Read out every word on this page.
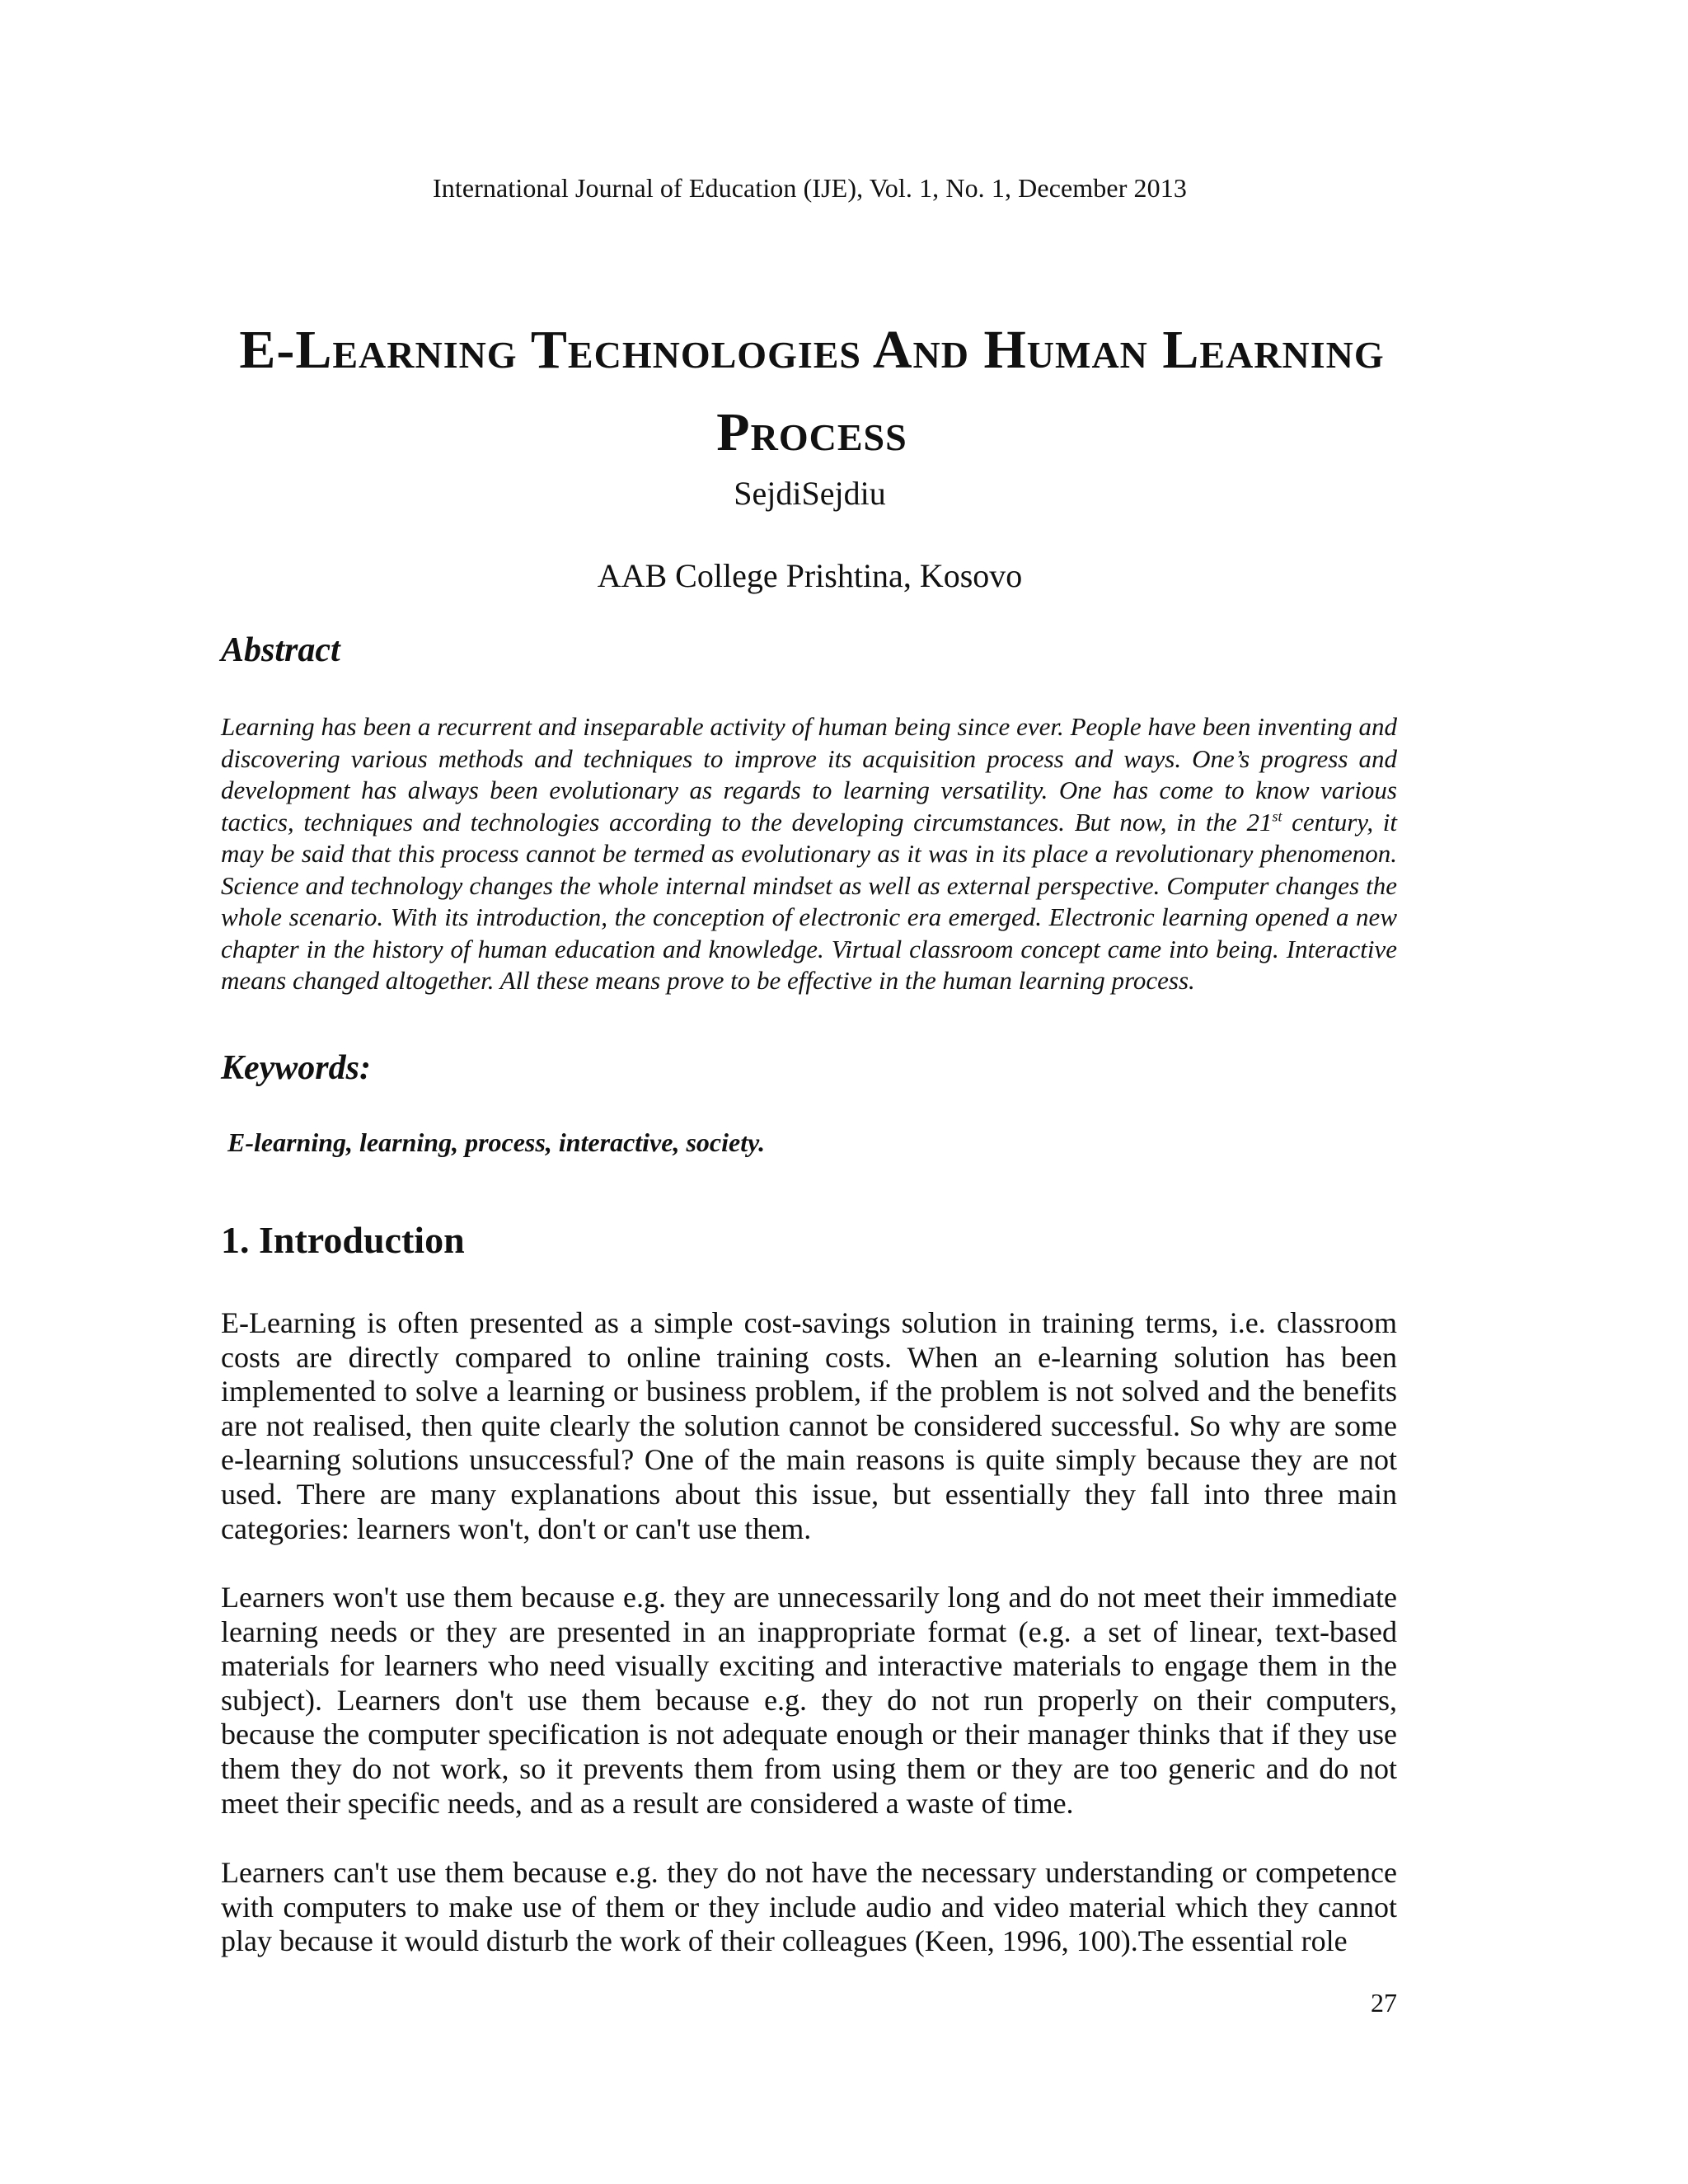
International Journal of Education (IJE), Vol. 1, No. 1, December 2013
E-Learning Technologies And Human Learning Process
SejdiSejdiu
AAB College Prishtina, Kosovo
Abstract
Learning has been a recurrent and inseparable activity of human being since ever. People have been inventing and discovering various methods and techniques to improve its acquisition process and ways. One’s progress and development has always been evolutionary as regards to learning versatility. One has come to know various tactics, techniques and technologies according to the developing circumstances. But now, in the 21st century, it may be said that this process cannot be termed as evolutionary as it was in its place a revolutionary phenomenon. Science and technology changes the whole internal mindset as well as external perspective. Computer changes the whole scenario. With its introduction, the conception of electronic era emerged. Electronic learning opened a new chapter in the history of human education and knowledge. Virtual classroom concept came into being. Interactive means changed altogether. All these means prove to be effective in the human learning process.
Keywords:
E-learning, learning, process, interactive, society.
1. Introduction

E-Learning is often presented as a simple cost-savings solution in training terms, i.e. classroom costs are directly compared to online training costs. When an e-learning solution has been implemented to solve a learning or business problem, if the problem is not solved and the benefits are not realised, then quite clearly the solution cannot be considered successful. So why are some e-learning solutions unsuccessful? One of the main reasons is quite simply because they are not used. There are many explanations about this issue, but essentially they fall into three main categories: learners won't, don't or can't use them.

Learners won't use them because e.g. they are unnecessarily long and do not meet their immediate learning needs or they are presented in an inappropriate format (e.g. a set of linear, text-based materials for learners who need visually exciting and interactive materials to engage them in the subject). Learners don't use them because e.g. they do not run properly on their computers, because the computer specification is not adequate enough or their manager thinks that if they use them they do not work, so it prevents them from using them or they are too generic and do not meet their specific needs, and as a result are considered a waste of time.

Learners can't use them because e.g. they do not have the necessary understanding or competence with computers to make use of them or they include audio and video material which they cannot play because it would disturb the work of their colleagues (Keen, 1996, 100).The essential role

27
